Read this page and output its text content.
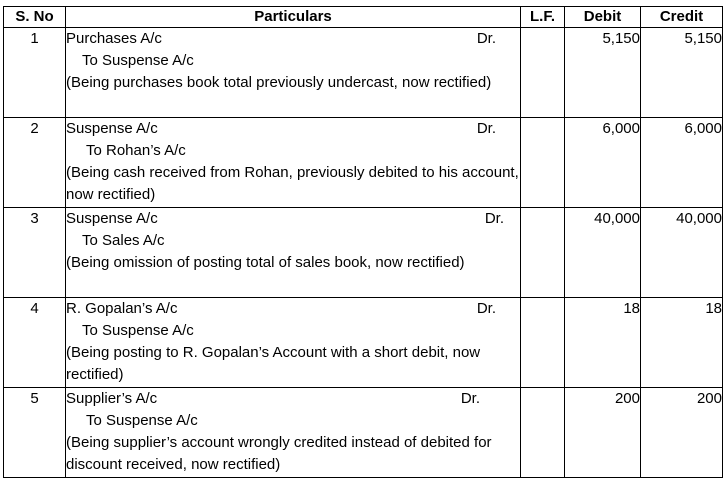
S. No	Particulars	L.F.	Debit	Credit
1	Purchases A/c Dr.
To Suspense A/c
(Being purchases book total previously undercast, now rectified)		5,150	5,150
2	Suspense A/c Dr.
To Rohan’s A/c
(Being cash received from Rohan, previously debited to his account, now rectified)		6,000	6,000
3	Suspense A/c Dr.
To Sales A/c
(Being omission of posting total of sales book, now rectified)		40,000	40,000
4	R. Gopalan’s A/c Dr.
To Suspense A/c
(Being posting to R. Gopalan’s Account with a short debit, now rectified)		18	18
5	Supplier’s A/c Dr.
To Suspense A/c
(Being supplier’s account wrongly credited instead of debited for discount received, now rectified)		200	200
